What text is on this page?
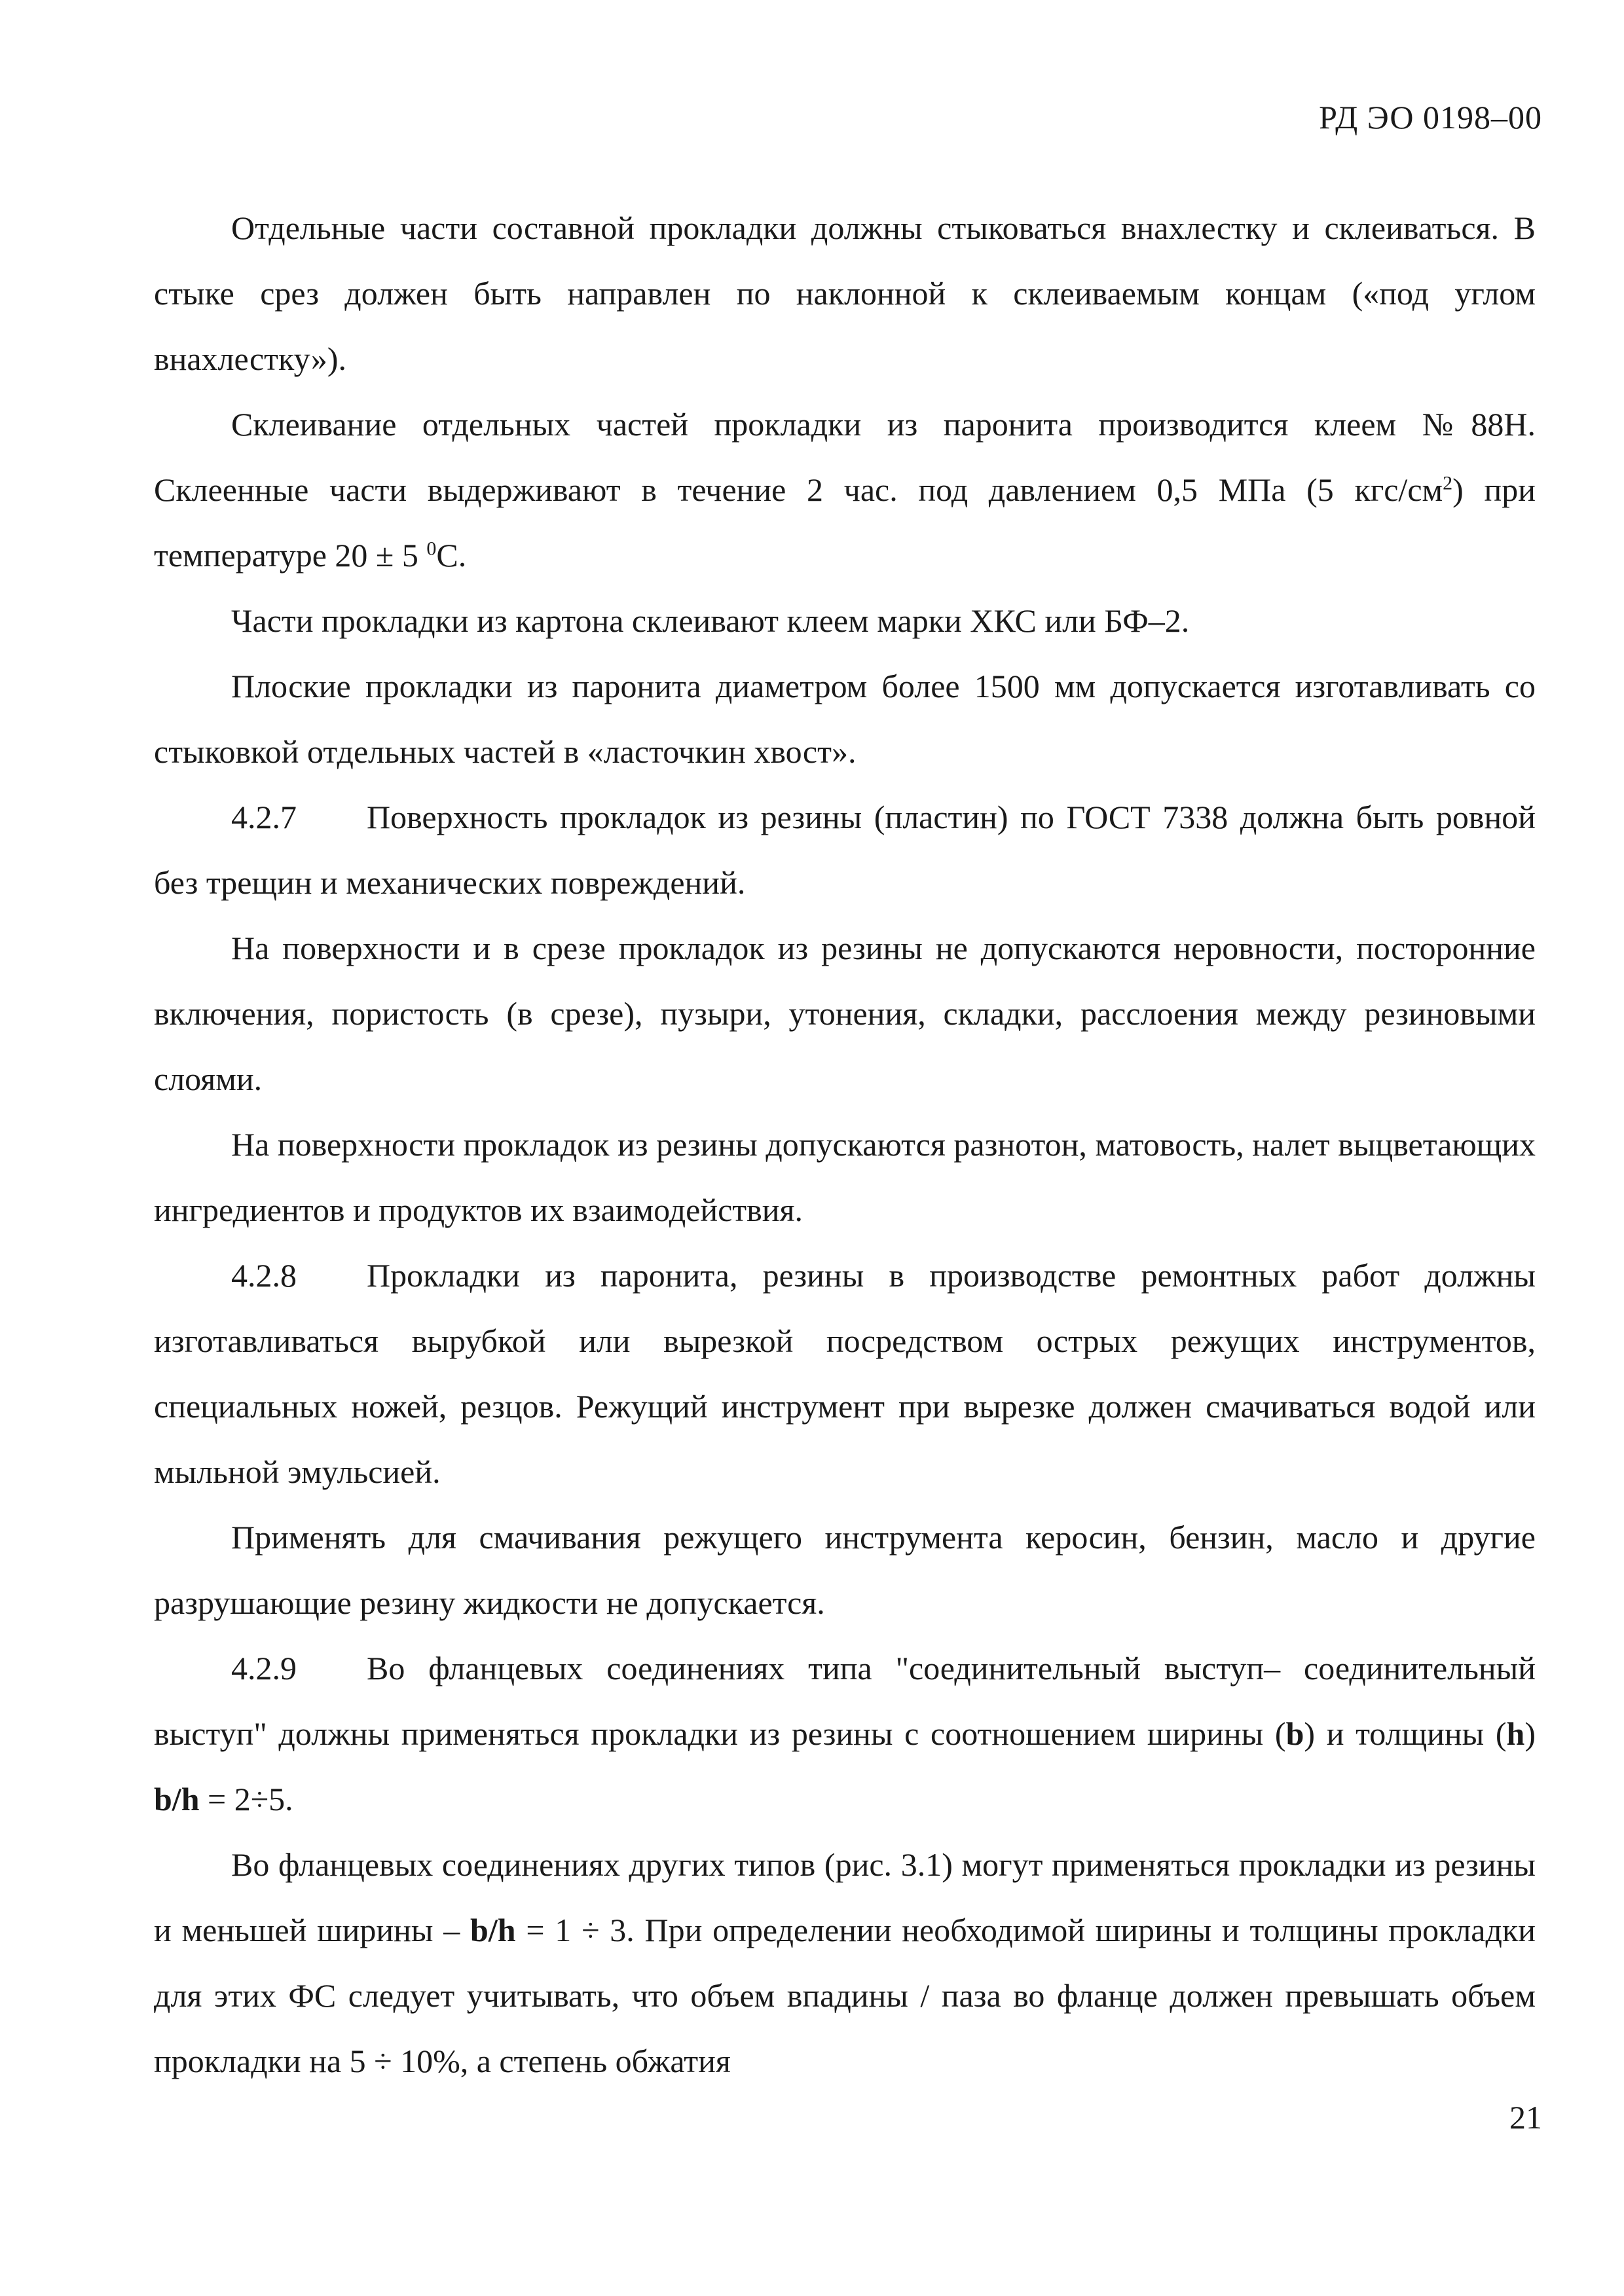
РД ЭО 0198–00

Отдельные части составной прокладки должны стыковаться внахлестку и склеиваться. В стыке срез должен быть направлен по наклонной к склеиваемым концам («под углом внахлестку»).

Склеивание отдельных частей прокладки из паронита производится клеем №88Н. Склеенные части выдерживают в течение 2 час. под давлением 0,5 МПа (5 кгс/$см^2$) при температуре 20 ± 5 $^0$С.

Части прокладки из картона склеивают клеем марки ХКС или БФ–2.

Плоские прокладки из паронита диаметром более 1500 мм допускается изготавливать со стыковкой отдельных частей в «ласточкин хвост».

4.2.7 Поверхность прокладок из резины (пластин) по ГОСТ 7338 должна быть ровной без трещин и механических повреждений.

На поверхности и в срезе прокладок из резины не допускаются неровности, посторонние включения, пористость (в срезе), пузыри, утонения, складки, расслоения между резиновыми слоями.

На поверхности прокладок из резины допускаются разнотон, матовость, налет выцветающих ингредиентов и продуктов их взаимодействия.

4.2.8 Прокладки из паронита, резины в производстве ремонтных работ должны изготавливаться вырубкой или вырезкой посредством острых режущих инструментов, специальных ножей, резцов. Режущий инструмент при вырезке должен смачиваться водой или мыльной эмульсией.

Применять для смачивания режущего инструмента керосин, бензин, масло и другие разрушающие резину жидкости не допускается.

4.2.9 Во фланцевых соединениях типа "соединительный выступ– соединительный выступ" должны применяться прокладки из резины с соотношением ширины (b) и толщины (h) b/h = 2÷5.

Во фланцевых соединениях других типов (рис. 3.1) могут применяться прокладки из резины и меньшей ширины – b/h = 1 ÷ 3. При определении необходимой ширины и толщины прокладки для этих ФС следует учитывать, что объем впадины / паза во фланце должен превышать объем прокладки на 5 ÷ 10%, а степень обжатия

21
